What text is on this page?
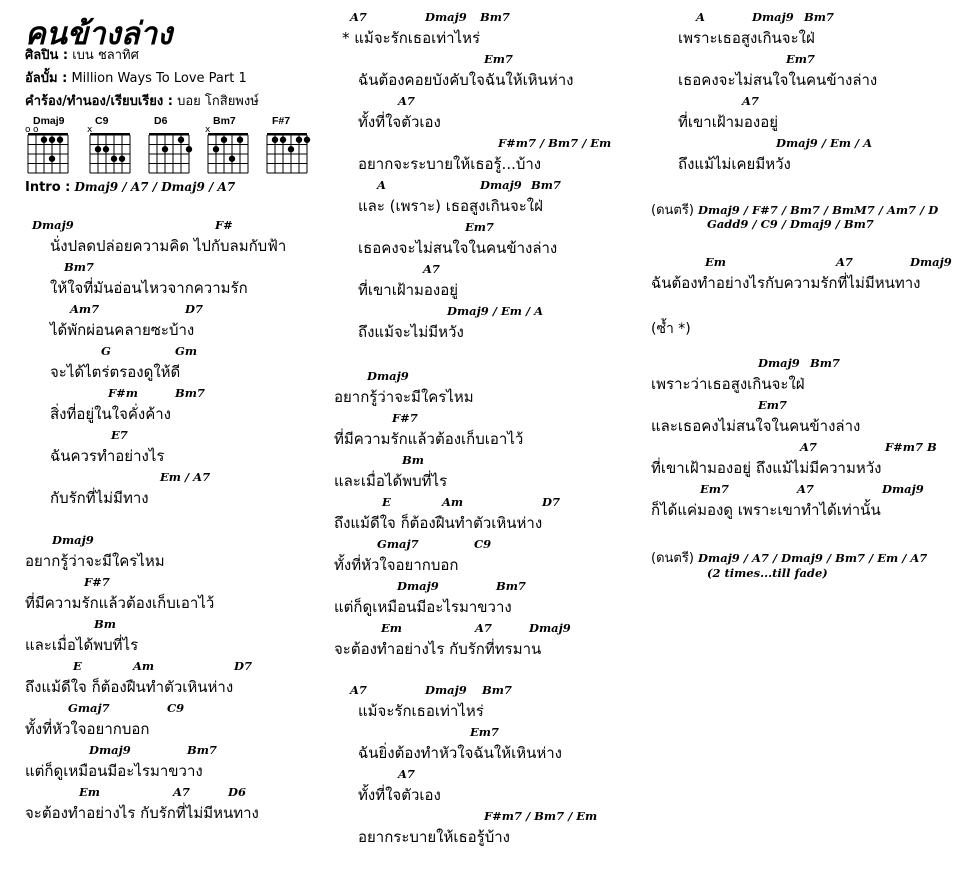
คนข้างล่าง
ศิลปิน : เบน ชลาทิศ
อัลบั้ม : Million Ways To Love Part 1
คำร้อง/ทำนอง/เรียบเรียง : บอย โกสิยพงษ์
Dmaj9
o o
C9
x
D6	Bm7
x
F#7
Intro : Dmaj9 / A7 / Dmaj9 / A7
Dmaj9	F#
นั่งปลดปล่อยความคิด ไปกับลมกับฟ้า
Bm7
ให้ใจที่มันอ่อนไหวจากความรัก
Am7	D7
ได้พักผ่อนคลายซะบ้าง
G	Gm
จะได้ไตร่ตรองดูให้ดี
F#m	Bm7
สิ่งที่อยู่ในใจคั่งค้าง
E7
ฉันควรทำอย่างไร
Em / A7
กับรักที่ไม่มีทาง
Dmaj9
อยากรู้ว่าจะมีใครไหม
F#7
ที่มีความรักแล้วต้องเก็บเอาไว้
Bm
และเมื่อได้พบที่ไร
E	Am	D7
ถึงแม้ดีใจ ก็ต้องฝืนทำตัวเหินห่าง
Gmaj7	C9
ทั้งที่หัวใจอยากบอก
Dmaj9	Bm7
แต่ก็ดูเหมือนมีอะไรมาขวาง
Em	A7	D6
จะต้องทำอย่างไร กับรักที่ไม่มีหนทาง
A7	Dmaj9 Bm7
* แม้จะรักเธอเท่าไหร่
Em7
ฉันต้องคอยบังคับใจฉันให้เหินห่าง
A7
ทั้งที่ใจตัวเอง
F#m7 / Bm7 / Em
อยากจะระบายให้เธอรู้...บ้าง
A	Dmaj9 Bm7
และ (เพราะ) เธอสูงเกินจะใฝ่
Em7
เธอคงจะไม่สนใจในคนข้างล่าง
A7
ที่เขาเฝ้ามองอยู่
Dmaj9 / Em / A
ถึงแม้จะไม่มีหวัง
Dmaj9
อยากรู้ว่าจะมีใครไหม
F#7
ที่มีความรักแล้วต้องเก็บเอาไว้
Bm
และเมื่อได้พบที่ไร
E	Am	D7
ถึงแม้ดีใจ ก็ต้องฝืนทำตัวเหินห่าง
Gmaj7	C9
ทั้งที่หัวใจอยากบอก
Dmaj9	Bm7
แต่ก็ดูเหมือนมีอะไรมาขวาง
Em	A7	Dmaj9
จะต้องทำอย่างไร กับรักที่ทรมาน
A7	Dmaj9 Bm7
แม้จะรักเธอเท่าไหร่
Em7
ฉันยิ่งต้องทำหัวใจฉันให้เหินห่าง
A7
ทั้งที่ใจตัวเอง
F#m7 / Bm7 / Em
อยากระบายให้เธอรู้บ้าง
A	Dmaj9 Bm7
เพราะเธอสูงเกินจะใฝ่
Em7
เธอคงจะไม่สนใจในคนข้างล่าง
A7
ที่เขาเฝ้ามองอยู่
Dmaj9 / Em / A
ถึงแม้ไม่เคยมีหวัง
Em	A7	Dmaj9
ฉันต้องทำอย่างไรกับความรักที่ไม่มีหนทาง
Dmaj9 Bm7
เพราะว่าเธอสูงเกินจะใฝ่
Em7
และเธอคงไม่สนใจในคนข้างล่าง
A7	F#m7 B
ที่เขาเฝ้ามองอยู่ ถึงแม้ไม่มีความหวัง
Em7	A7	Dmaj9
ก็ได้แค่มองดู เพราะเขาทำได้เท่านั้น
(ดนตรี) Dmaj9 / F#7 / Bm7 / BmM7 / Am7 / D
Gadd9 / C9 / Dmaj9 / Bm7
(ซ้ำ *)
(ดนตรี) Dmaj9 / A7 / Dmaj9 / Bm7 / Em / A7
(2 times...till fade)
